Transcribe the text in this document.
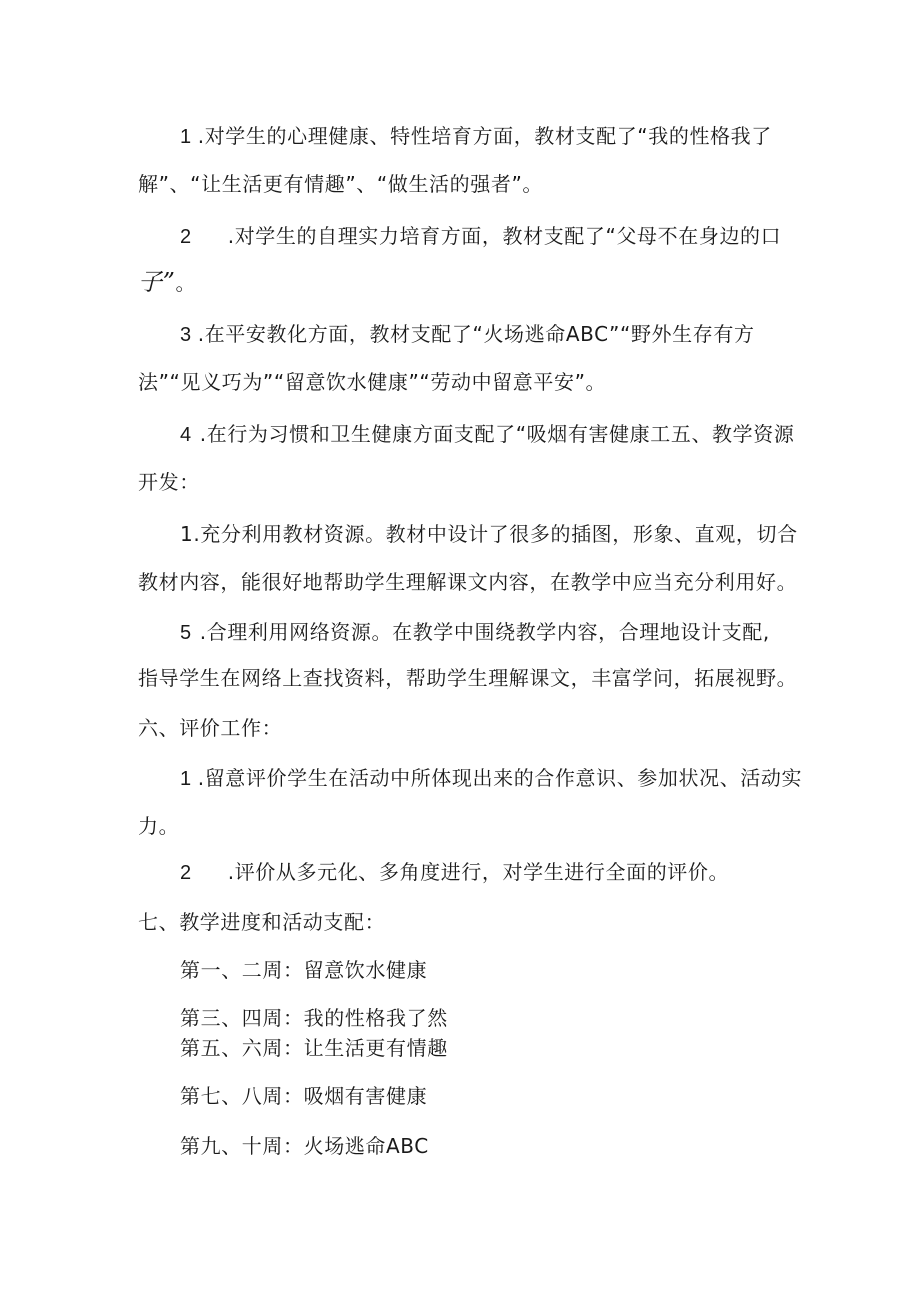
1 .对学生的心理健康、特性培育方面，教材支配了“我的性格我了
解”、“让生活更有情趣”、“做生活的强者”。
2 .对学生的自理实力培育方面，教材支配了“父母不在身边的口
子”。
3 .在平安教化方面，教材支配了“火场逃命ABC”“野外生存有方
法”“见义巧为”“留意饮水健康”“劳动中留意平安”。
4 .在行为习惯和卫生健康方面支配了“吸烟有害健康工五、教学资源
开发：
1.充分利用教材资源。教材中设计了很多的插图，形象、直观，切合
教材内容，能很好地帮助学生理解课文内容，在教学中应当充分利用好。
5 .合理利用网络资源。在教学中围绕教学内容，合理地设计支配,
指导学生在网络上查找资料，帮助学生理解课文，丰富学问，拓展视野。
六、评价工作：
1 .留意评价学生在活动中所体现出来的合作意识、参加状况、活动实
力。
2 .评价从多元化、多角度进行，对学生进行全面的评价。
七、教学进度和活动支配：
第一、二周：留意饮水健康
第三、四周：我的性格我了然
第五、六周：让生活更有情趣
第七、八周：吸烟有害健康
第九、十周：火场逃命ABC
